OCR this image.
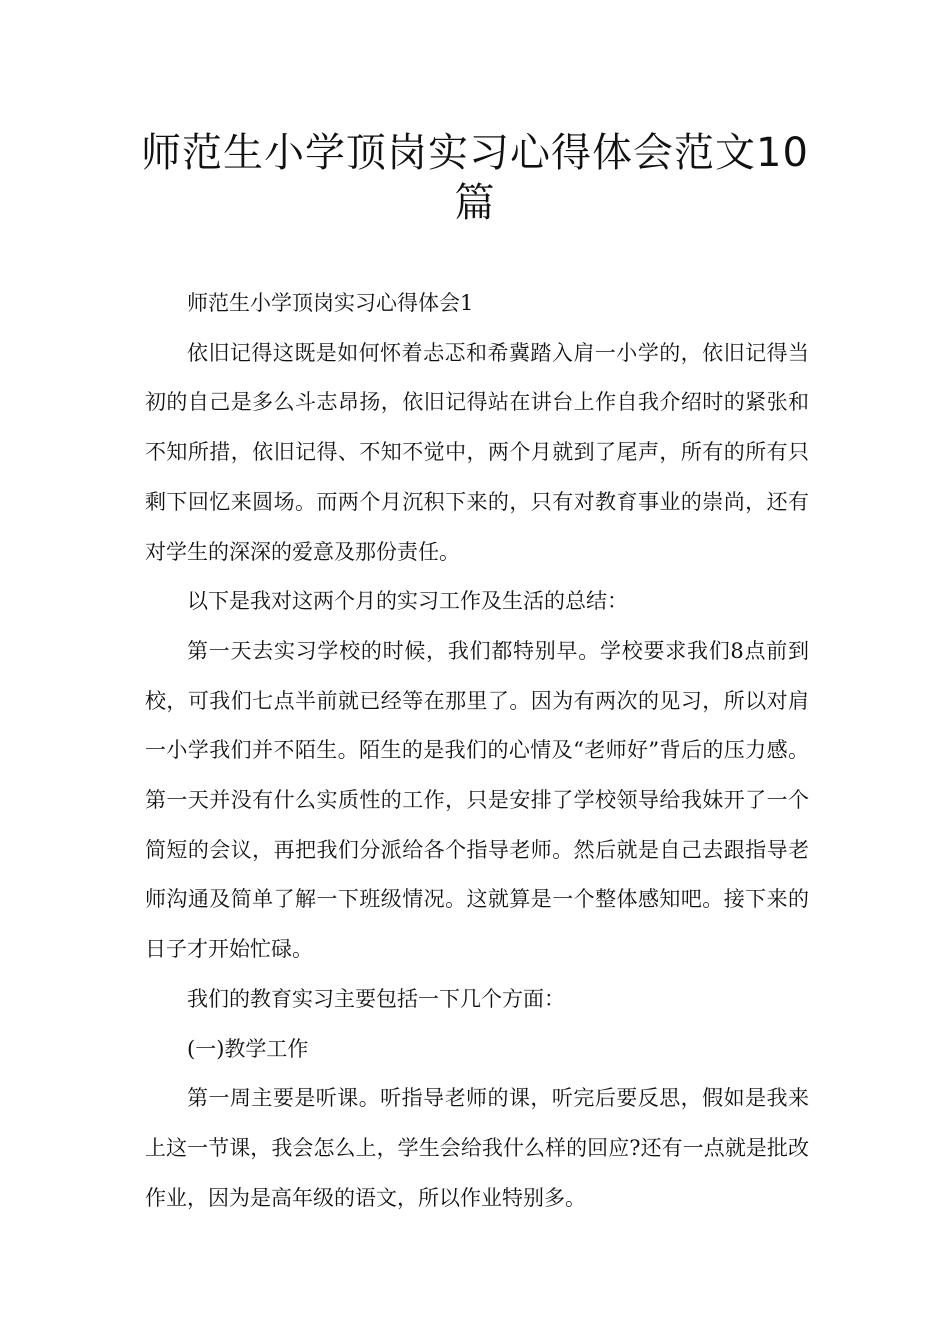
师范生小学顶岗实习心得体会范文10篇

师范生小学顶岗实习心得体会1

依旧记得这既是如何怀着忐忑和希冀踏入肩一小学的，依旧记得当初的自己是多么斗志昂扬，依旧记得站在讲台上作自我介绍时的紧张和不知所措，依旧记得、不知不觉中，两个月就到了尾声，所有的所有只剩下回忆来圆场。而两个月沉积下来的，只有对教育事业的崇尚，还有对学生的深深的爱意及那份责任。

以下是我对这两个月的实习工作及生活的总结：

第一天去实习学校的时候，我们都特别早。学校要求我们8点前到校，可我们七点半前就已经等在那里了。因为有两次的见习，所以对肩一小学我们并不陌生。陌生的是我们的心情及“老师好”背后的压力感。第一天并没有什么实质性的工作，只是安排了学校领导给我妹开了一个简短的会议，再把我们分派给各个指导老师。然后就是自己去跟指导老师沟通及简单了解一下班级情况。这就算是一个整体感知吧。接下来的日子才开始忙碌。

我们的教育实习主要包括一下几个方面：

(一)教学工作

第一周主要是听课。听指导老师的课，听完后要反思，假如是我来上这一节课，我会怎么上，学生会给我什么样的回应?还有一点就是批改作业，因为是高年级的语文，所以作业特别多。
